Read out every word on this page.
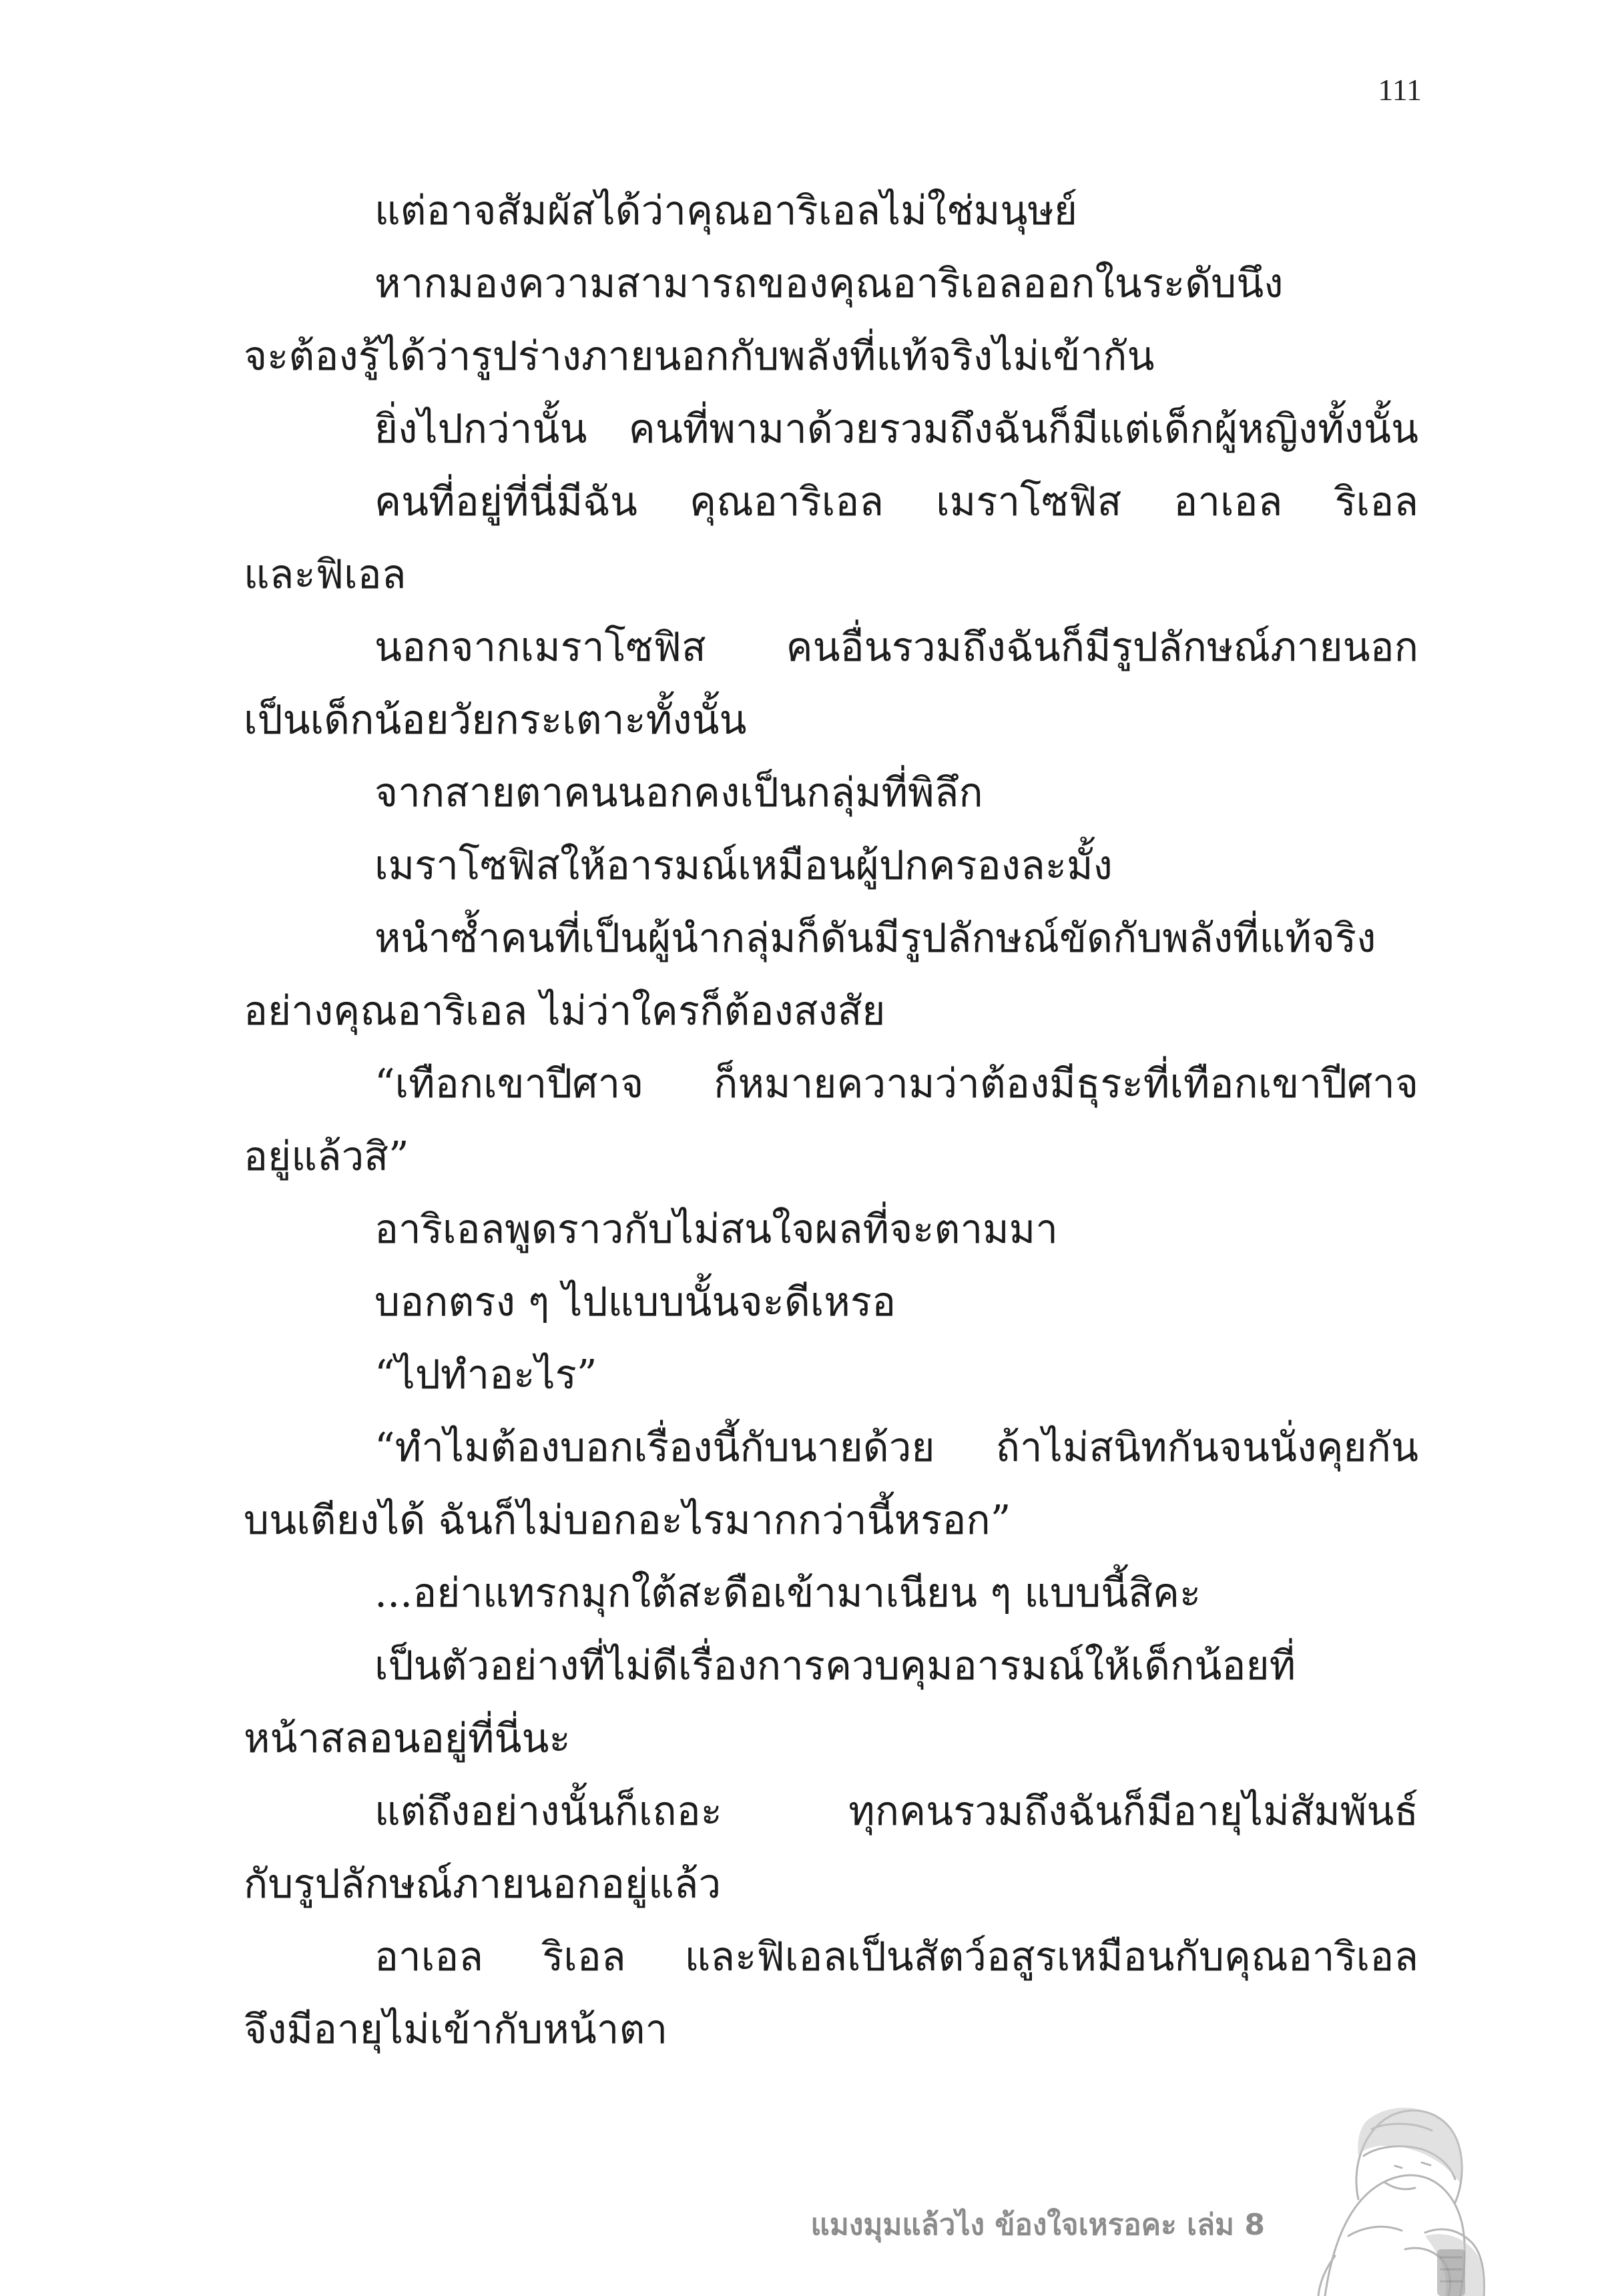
111
แต่อาจสัมผัสได้ว่าคุณอาริเอลไม่ใช่มนุษย์
หากมองความสามารถของคุณอาริเอลออกในระดับนึง
จะต้องรู้ได้ว่ารูปร่างภายนอกกับพลังที่แท้จริงไม่เข้ากัน
ยิ่งไปกว่านั้น คนที่พามาด้วยรวมถึงฉันก็มีแต่เด็กผู้หญิงทั้งนั้น
คนที่อยู่ที่นี่มีฉัน คุณอาริเอล เมราโซฟิส อาเอล ริเอล
และฟิเอล
นอกจากเมราโซฟิส คนอื่นรวมถึงฉันก็มีรูปลักษณ์ภายนอก
เป็นเด็กน้อยวัยกระเตาะทั้งนั้น
จากสายตาคนนอกคงเป็นกลุ่มที่พิลึก
เมราโซฟิสให้อารมณ์เหมือนผู้ปกครองละมั้ง
หนำซ้ำคนที่เป็นผู้นำกลุ่มก็ดันมีรูปลักษณ์ขัดกับพลังที่แท้จริง
อย่างคุณอาริเอล ไม่ว่าใครก็ต้องสงสัย
“เทือกเขาปีศาจ ก็หมายความว่าต้องมีธุระที่เทือกเขาปีศาจ
อยู่แล้วสิ”
อาริเอลพูดราวกับไม่สนใจผลที่จะตามมา
บอกตรง ๆ ไปแบบนั้นจะดีเหรอ
“ไปทำอะไร”
“ทำไมต้องบอกเรื่องนี้กับนายด้วย ถ้าไม่สนิทกันจนนั่งคุยกัน
บนเตียงได้ ฉันก็ไม่บอกอะไรมากกว่านี้หรอก”
...อย่าแทรกมุกใต้สะดือเข้ามาเนียน ๆ แบบนี้สิคะ
เป็นตัวอย่างที่ไม่ดีเรื่องการควบคุมอารมณ์ให้เด็กน้อยที่
หน้าสลอนอยู่ที่นี่นะ
แต่ถึงอย่างนั้นก็เถอะ ทุกคนรวมถึงฉันก็มีอายุไม่สัมพันธ์
กับรูปลักษณ์ภายนอกอยู่แล้ว
อาเอล ริเอล และฟิเอลเป็นสัตว์อสูรเหมือนกับคุณอาริเอล
จึงมีอายุไม่เข้ากับหน้าตา
แมงมุมแล้วไง ข้องใจเหรอคะ เล่ม 8
